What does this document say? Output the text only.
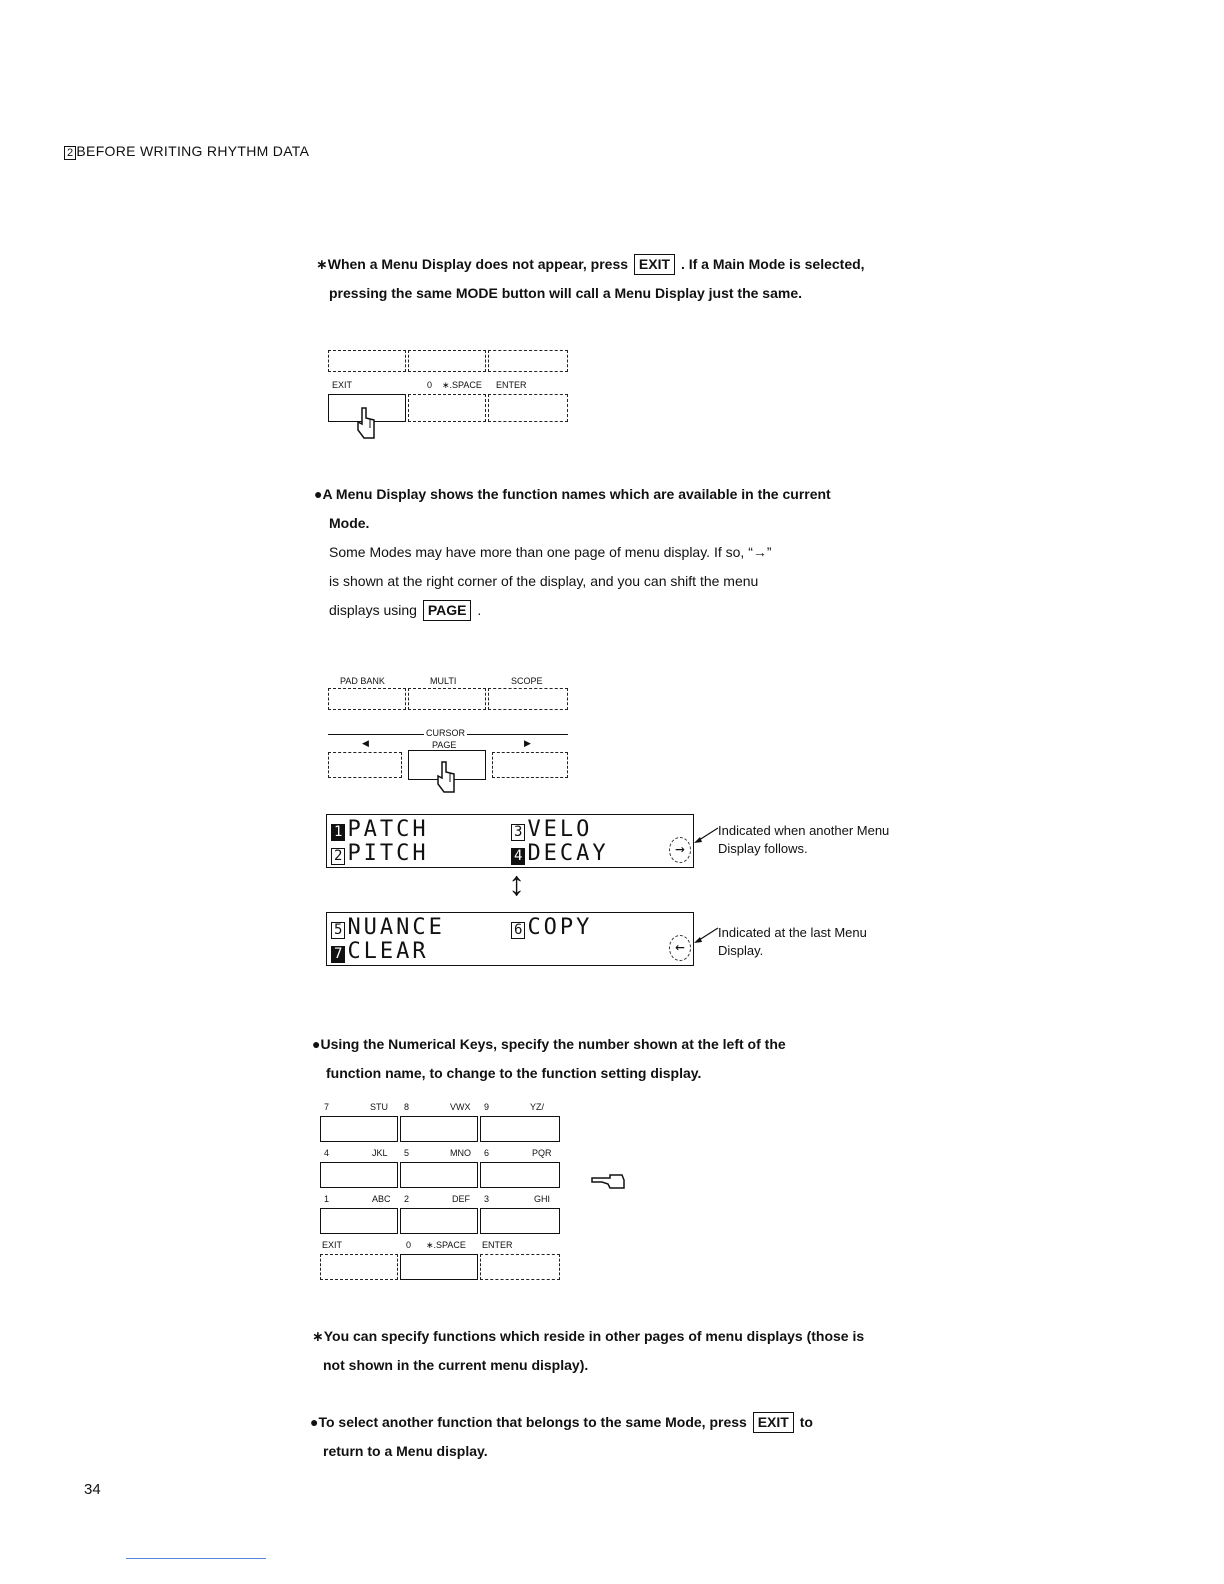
2 BEFORE WRITING RHYTHM DATA
∗When a Menu Display does not appear, press EXIT . If a Main Mode is selected,
pressing the same MODE button will call a Menu Display just the same.
EXIT	0 ∗.SPACE ENTER
●A Menu Display shows the function names which are available in the current
Mode.
Some Modes may have more than one page of menu display. If so, “→”
is shown at the right corner of the display, and you can shift the menu
displays using PAGE .
PAD BANK	MULTI	SCOPE
CURSOR
◀	PAGE	▶
1 PATCH	3 VELO
2 PITCH	4 DECAY	→
Indicated when another Menu
Display follows.
↕
5 NUANCE	6 COPY
7 CLEAR	←
Indicated at the last Menu
Display.
●Using the Numerical Keys, specify the number shown at the left of the
function name, to change to the function setting display.
7	STU 8	VWX 9	YZ/
4	JKL 5	MNO 6	PQR
1	ABC 2	DEF 3	GHI
EXIT	0 ∗.SPACE ENTER
∗You can specify functions which reside in other pages of menu displays (those is
not shown in the current menu display).
●To select another function that belongs to the same Mode, press EXIT to
return to a Menu display.
34
